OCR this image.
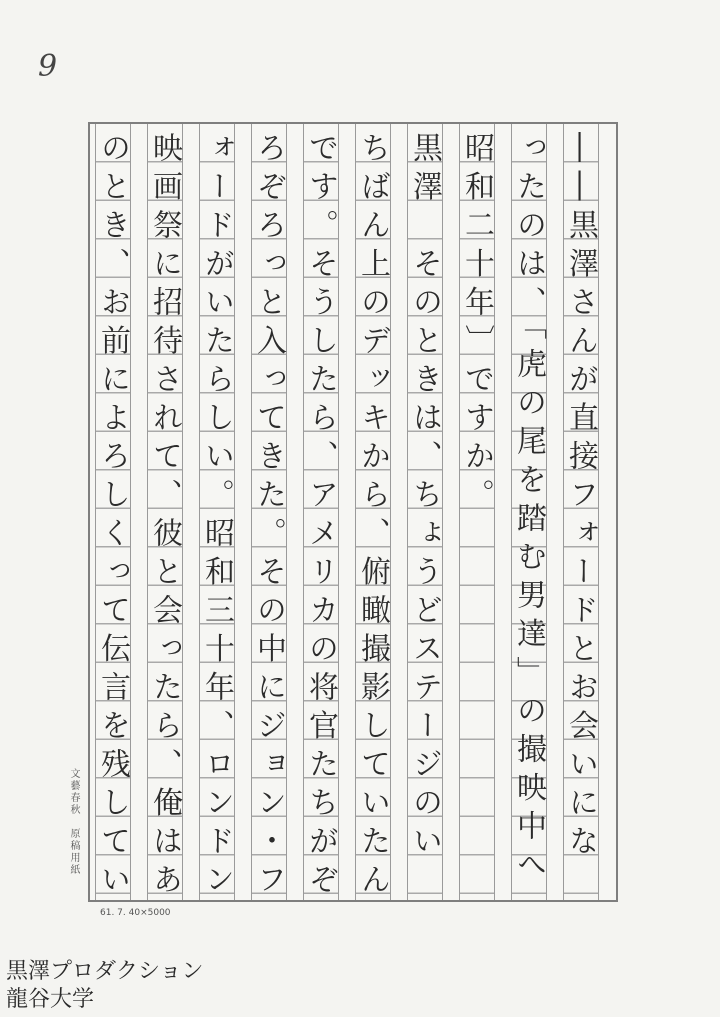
9
――黒澤さんが直接フォードとお会いにな
ったのは、「虎の尾を踏む男達」の撮映中へ
昭和二十年〕ですか。
黒澤　そのときは、ちょうどステージのい
ちばん上のデッキから、俯瞰撮影していたん
です。そうしたら、アメリカの将官たちがぞ
ろぞろっと入ってきた。その中にジョン・フ
ォードがいたらしい。昭和三十年、ロンドン
映画祭に招待されて、彼と会ったら、俺はあ
のとき、お前によろしくって伝言を残してい
文藝春秋　原稿用紙
61. 7. 40×5000
黒澤プロダクション
龍谷大学
